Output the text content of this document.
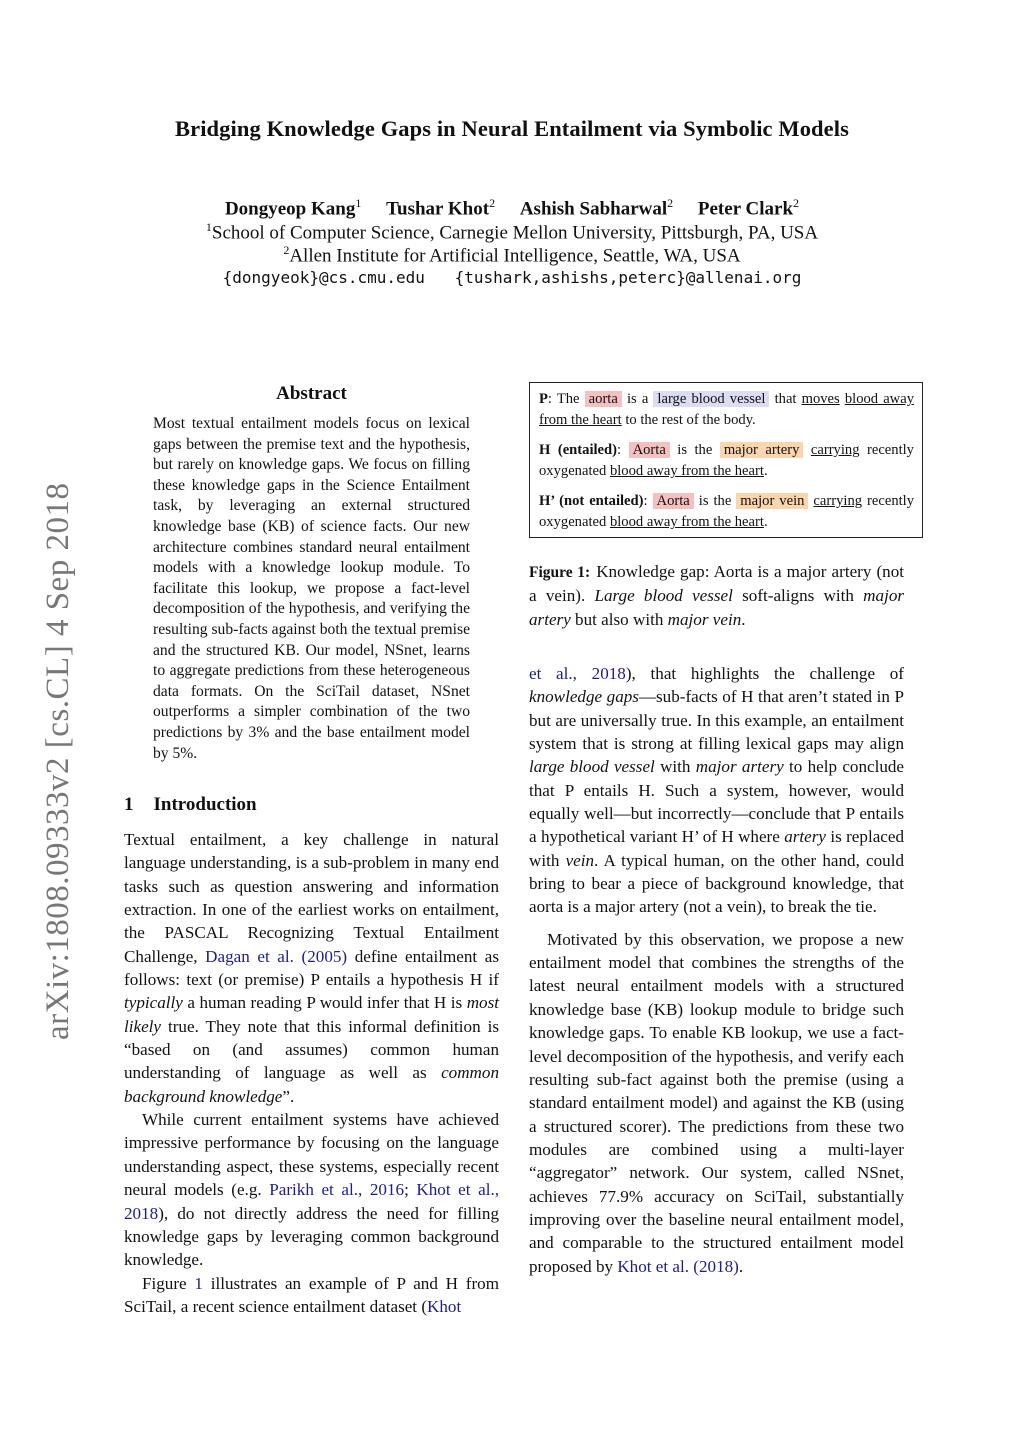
arXiv:1808.09333v2 [cs.CL] 4 Sep 2018
Bridging Knowledge Gaps in Neural Entailment via Symbolic Models
Dongyeop Kang$^1$ Tushar Khot$^2$ Ashish Sabharwal$^2$ Peter Clark$^2$
$^1$School of Computer Science, Carnegie Mellon University, Pittsburgh, PA, USA
$^2$Allen Institute for Artificial Intelligence, Seattle, WA, USA
{dongyeok}@cs.cmu.edu {tushark,ashishs,peterc}@allenai.org
Abstract
Most textual entailment models focus on lexical gaps between the premise text and the hypothesis, but rarely on knowledge gaps. We focus on filling these knowledge gaps in the Science Entailment task, by leveraging an external structured knowledge base (KB) of science facts. Our new architecture combines standard neural entailment models with a knowledge lookup module. To facilitate this lookup, we propose a fact-level decomposition of the hypothesis, and verifying the resulting sub-facts against both the textual premise and the structured KB. Our model, NSnet, learns to aggregate predictions from these heterogeneous data formats. On the SciTail dataset, NSnet outperforms a simpler combination of the two predictions by 3% and the base entailment model by 5%.
1 Introduction

Textual entailment, a key challenge in natural language understanding, is a sub-problem in many end tasks such as question answering and information extraction. In one of the earliest works on entailment, the PASCAL Recognizing Textual Entailment Challenge, Dagan et al. (2005) define entailment as follows: text (or premise) P entails a hypothesis H if typically a human reading P would infer that H is most likely true. They note that this informal definition is “based on (and assumes) common human understanding of language as well as common background knowledge”.

While current entailment systems have achieved impressive performance by focusing on the language understanding aspect, these systems, especially recent neural models (e.g. Parikh et al., 2016; Khot et al., 2018), do not directly address the need for filling knowledge gaps by leveraging common background knowledge.

Figure 1 illustrates an example of P and H from SciTail, a recent science entailment dataset (Khot

P: The aorta is a large blood vessel that moves blood away from the heart to the rest of the body.
H (entailed): Aorta is the major artery carrying recently oxygenated blood away from the heart.
H’ (not entailed): Aorta is the major vein carrying recently oxygenated blood away from the heart.
Figure 1: Knowledge gap: Aorta is a major artery (not a vein). Large blood vessel soft-aligns with major artery but also with major vein.

et al., 2018), that highlights the challenge of knowledge gaps—sub-facts of H that aren’t stated in P but are universally true. In this example, an entailment system that is strong at filling lexical gaps may align large blood vessel with major artery to help conclude that P entails H. Such a system, however, would equally well—but incorrectly—conclude that P entails a hypothetical variant H’ of H where artery is replaced with vein. A typical human, on the other hand, could bring to bear a piece of background knowledge, that aorta is a major artery (not a vein), to break the tie.

Motivated by this observation, we propose a new entailment model that combines the strengths of the latest neural entailment models with a structured knowledge base (KB) lookup module to bridge such knowledge gaps. To enable KB lookup, we use a fact-level decomposition of the hypothesis, and verify each resulting sub-fact against both the premise (using a standard entailment model) and against the KB (using a structured scorer). The predictions from these two modules are combined using a multi-layer “aggregator” network. Our system, called NSnet, achieves 77.9% accuracy on SciTail, substantially improving over the baseline neural entailment model, and comparable to the structured entailment model proposed by Khot et al. (2018).
